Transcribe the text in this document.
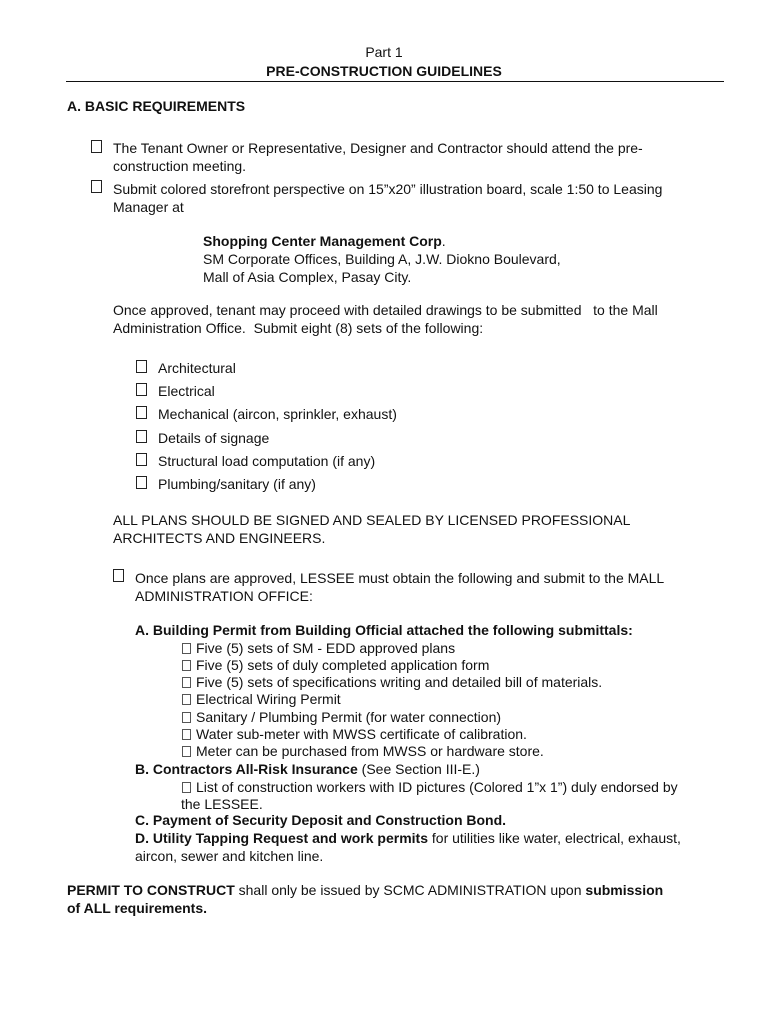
Part 1
PRE-CONSTRUCTION GUIDELINES
A. BASIC REQUIREMENTS
The Tenant Owner or Representative, Designer and Contractor should attend the pre-
construction meeting.
Submit colored storefront perspective on 15”x20” illustration board, scale 1:50 to Leasing
Manager at
Shopping Center Management Corp.
SM Corporate Offices, Building A, J.W. Diokno Boulevard,
Mall of Asia Complex, Pasay City.
Once approved, tenant may proceed with detailed drawings to be submitted   to the Mall
Administration Office.  Submit eight (8) sets of the following:
Architectural
Electrical
Mechanical (aircon, sprinkler, exhaust)
Details of signage
Structural load computation (if any)
Plumbing/sanitary (if any)
ALL PLANS SHOULD BE SIGNED AND SEALED BY LICENSED PROFESSIONAL
ARCHITECTS AND ENGINEERS.
Once plans are approved, LESSEE must obtain the following and submit to the MALL
ADMINISTRATION OFFICE:
A. Building Permit from Building Official attached the following submittals:
Five (5) sets of SM - EDD approved plans
Five (5) sets of duly completed application form
Five (5) sets of specifications writing and detailed bill of materials.
Electrical Wiring Permit
Sanitary / Plumbing Permit (for water connection)
Water sub-meter with MWSS certificate of calibration.
Meter can be purchased from MWSS or hardware store.
B. Contractors All-Risk Insurance (See Section III-E.)
List of construction workers with ID pictures (Colored 1”x 1”) duly endorsed by
the LESSEE.
C. Payment of Security Deposit and Construction Bond.
D. Utility Tapping Request and work permits for utilities like water, electrical, exhaust,
aircon, sewer and kitchen line.
PERMIT TO CONSTRUCT shall only be issued by SCMC ADMINISTRATION upon submission
of ALL requirements.
